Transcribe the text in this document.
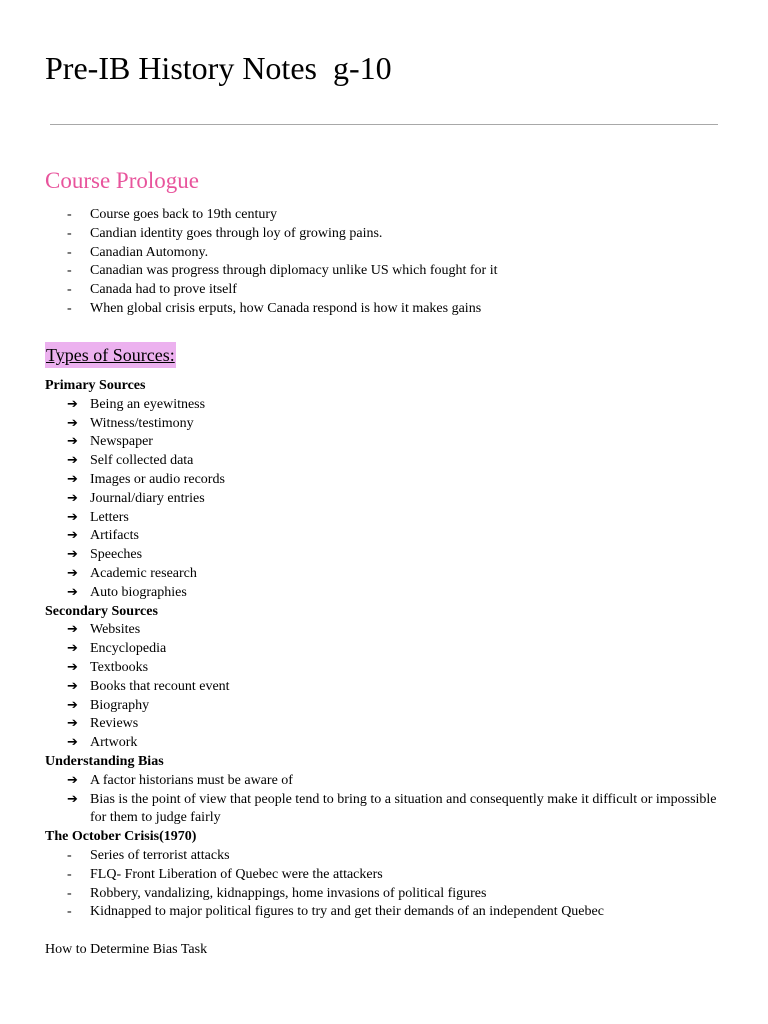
Pre-IB History Notes  g-10
Course Prologue
-	Course goes back to 19th century
-	Candian identity goes through loy of growing pains.
-	Canadian Automony.
-	Canadian was progress through diplomacy unlike US which fought for it
-	Canada had to prove itself
-	When global crisis erputs, how Canada respond is how it makes gains
Types of Sources:
Primary Sources
➔ Being an eyewitness
➔ Witness/testimony
➔ Newspaper
➔ Self collected data
➔ Images or audio records
➔ Journal/diary entries
➔ Letters
➔ Artifacts
➔ Speeches
➔ Academic research
➔ Auto biographies
Secondary Sources
➔ Websites
➔ Encyclopedia
➔ Textbooks
➔ Books that recount event
➔ Biography
➔ Reviews
➔ Artwork
Understanding Bias
➔ A factor historians must be aware of
➔ Bias is the point of view that people tend to bring to a situation and consequently make it difficult or impossible for them to judge fairly
The October Crisis(1970)
-	Series of terrorist attacks
-	FLQ- Front Liberation of Quebec were the attackers
-	Robbery, vandalizing, kidnappings, home invasions of political figures
-	Kidnapped to major political figures to try and get their demands of an independent Quebec
How to Determine Bias Task
